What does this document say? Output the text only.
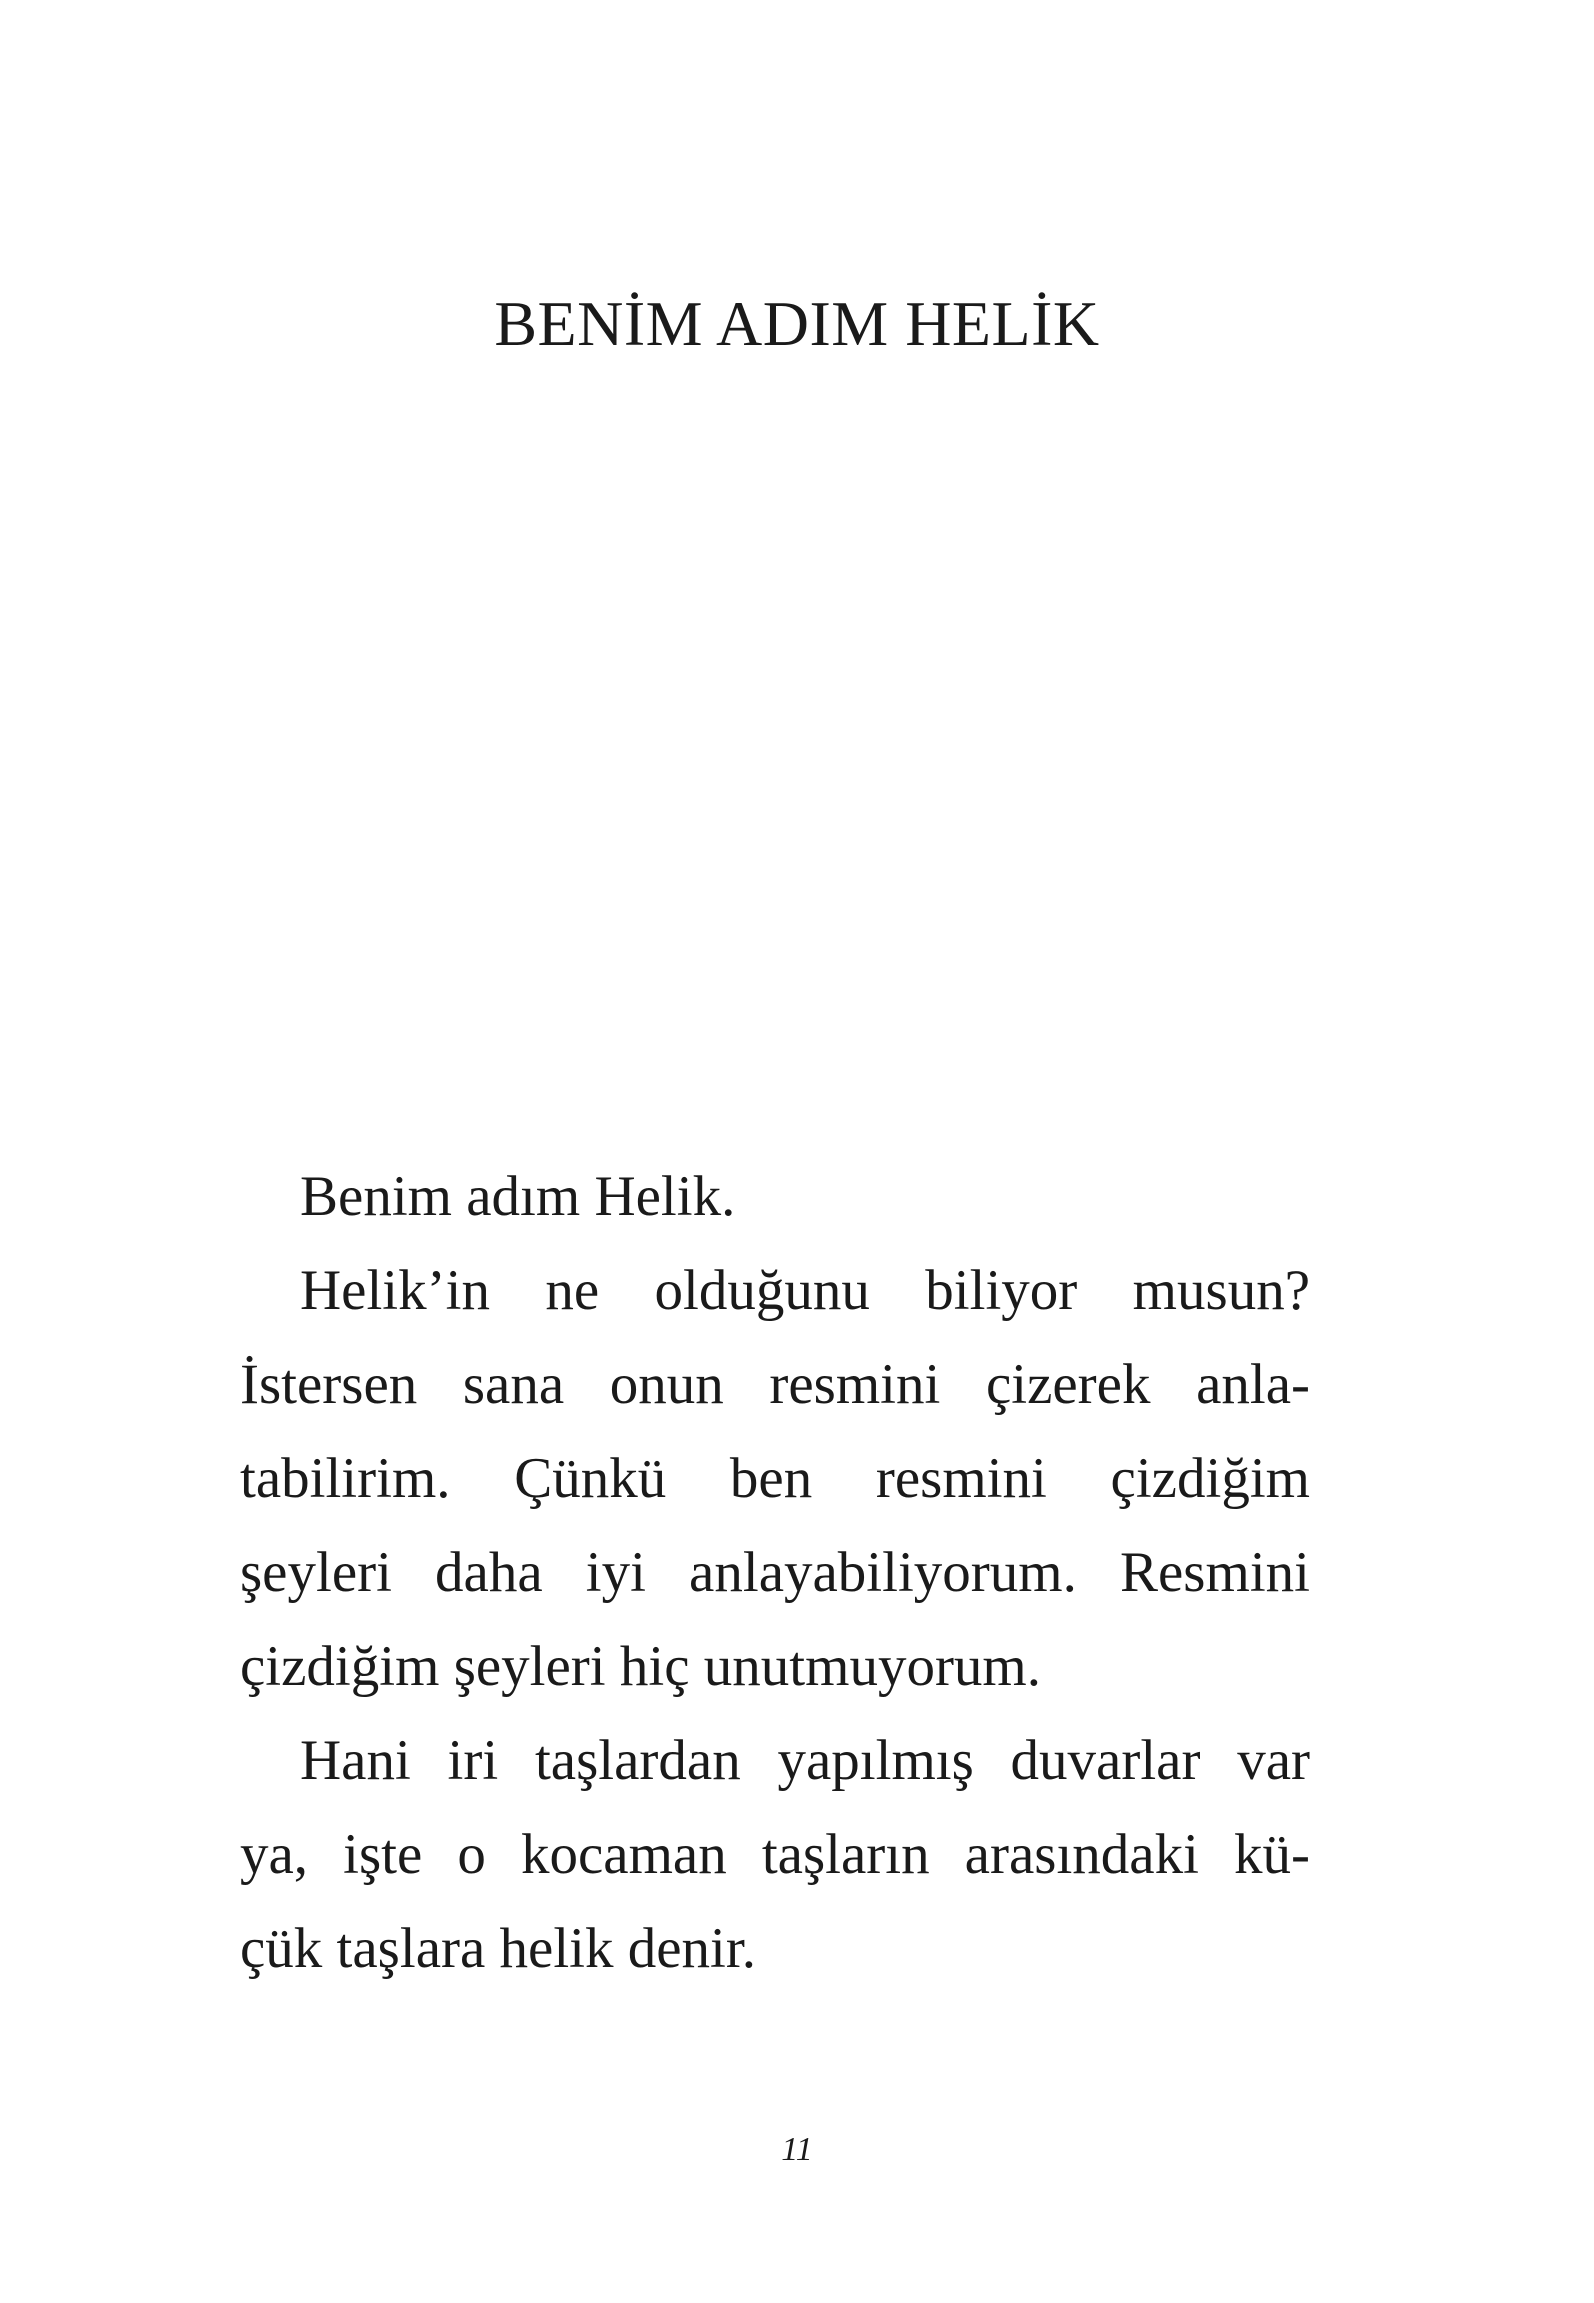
BENİM ADIM HELİK
Benim adım Helik.
Helik’in ne olduğunu biliyor musun?
İstersen sana onun resmini çizerek anla-
tabilirim. Çünkü ben resmini çizdiğim
şeyleri daha iyi anlayabiliyorum. Resmini
çizdiğim şeyleri hiç unutmuyorum.
Hani iri taşlardan yapılmış duvarlar var
ya, işte o kocaman taşların arasındaki kü-
çük taşlara helik denir.
11
